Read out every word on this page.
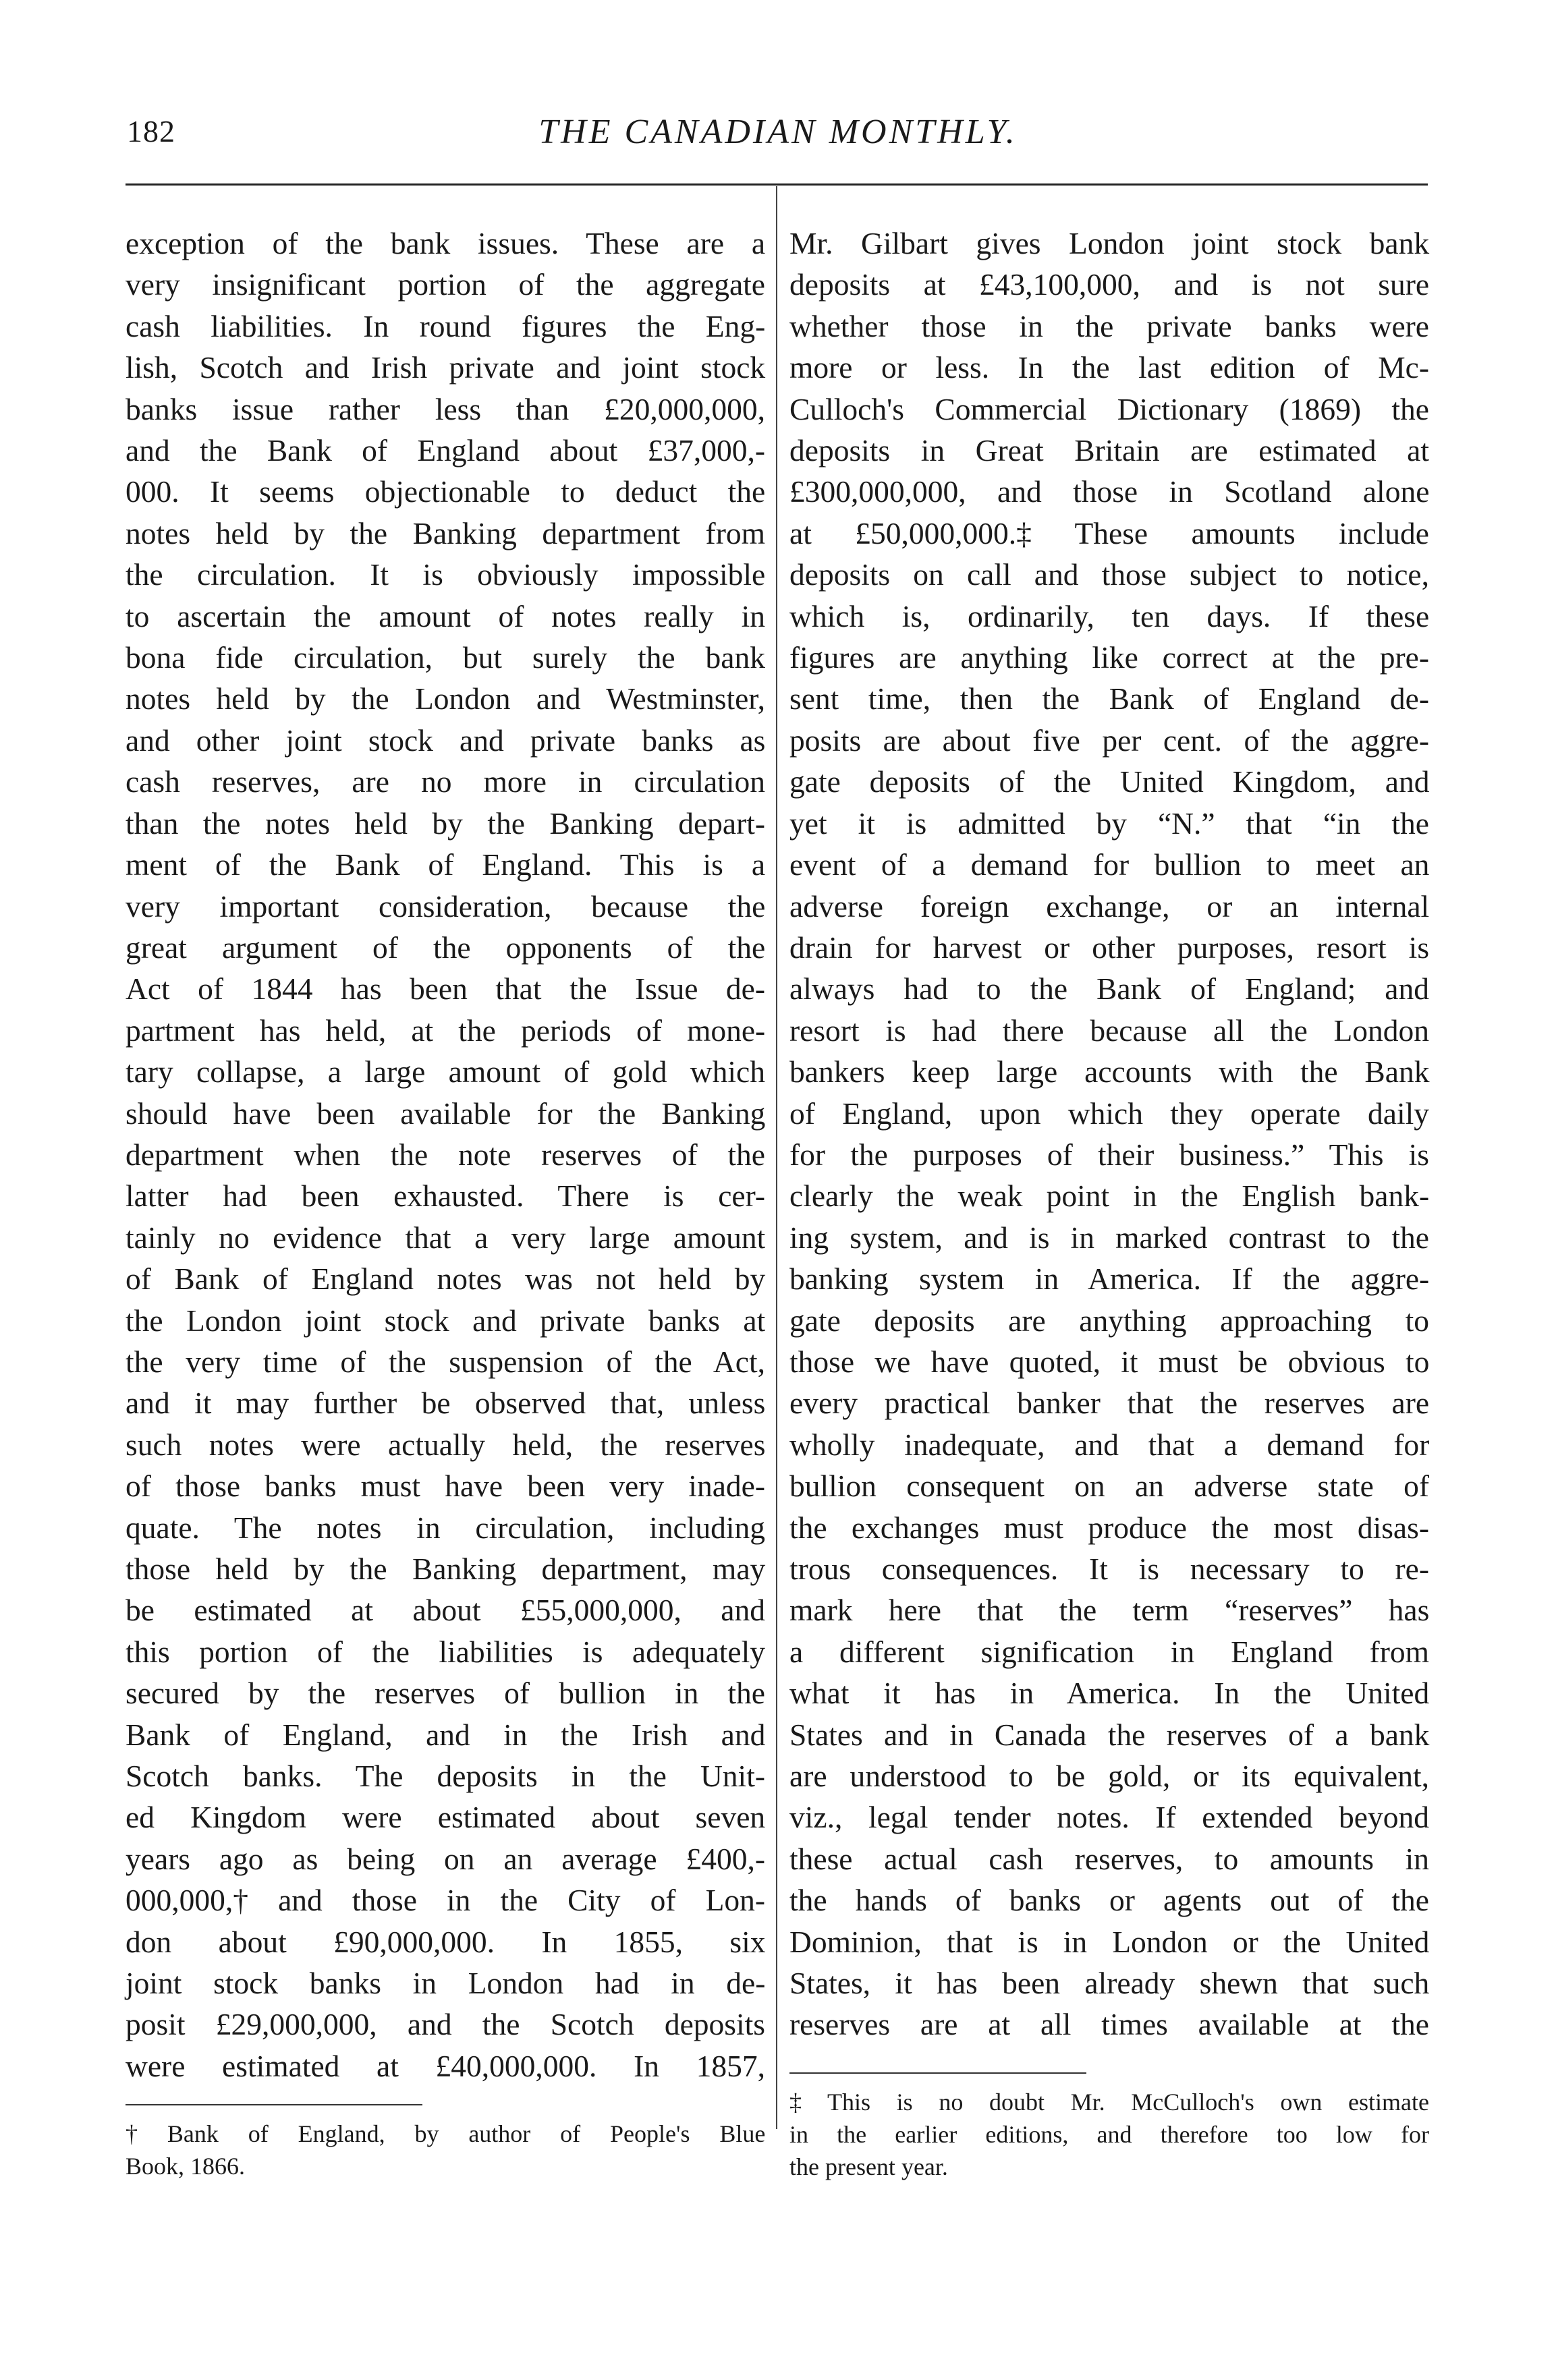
182	THE CANADIAN MONTHLY.
exception of the bank issues. These are a
very insignificant portion of the aggregate
cash liabilities. In round figures the Eng-
lish, Scotch and Irish private and joint stock
banks issue rather less than £20,000,000,
and the Bank of England about £37,000,-
000. It seems objectionable to deduct the
notes held by the Banking department from
the circulation. It is obviously impossible
to ascertain the amount of notes really in
bona fide circulation, but surely the bank
notes held by the London and Westminster,
and other joint stock and private banks as
cash reserves, are no more in circulation
than the notes held by the Banking depart-
ment of the Bank of England. This is a
very important consideration, because the
great argument of the opponents of the
Act of 1844 has been that the Issue de-
partment has held, at the periods of mone-
tary collapse, a large amount of gold which
should have been available for the Banking
department when the note reserves of the
latter had been exhausted. There is cer-
tainly no evidence that a very large amount
of Bank of England notes was not held by
the London joint stock and private banks at
the very time of the suspension of the Act,
and it may further be observed that, unless
such notes were actually held, the reserves
of those banks must have been very inade-
quate. The notes in circulation, including
those held by the Banking department, may
be estimated at about £55,000,000, and
this portion of the liabilities is adequately
secured by the reserves of bullion in the
Bank of England, and in the Irish and
Scotch banks. The deposits in the Unit-
ed Kingdom were estimated about seven
years ago as being on an average £400,-
000,000,† and those in the City of Lon-
don about £90,000,000. In 1855, six
joint stock banks in London had in de-
posit £29,000,000, and the Scotch deposits
were estimated at £40,000,000. In 1857,
† Bank of England, by author of People's Blue
Book, 1866.
Mr. Gilbart gives London joint stock bank
deposits at £43,100,000, and is not sure
whether those in the private banks were
more or less. In the last edition of Mc-
Culloch's Commercial Dictionary (1869) the
deposits in Great Britain are estimated at
£300,000,000, and those in Scotland alone
at £50,000,000.‡ These amounts include
deposits on call and those subject to notice,
which is, ordinarily, ten days. If these
figures are anything like correct at the pre-
sent time, then the Bank of England de-
posits are about five per cent. of the aggre-
gate deposits of the United Kingdom, and
yet it is admitted by “N.” that “in the
event of a demand for bullion to meet an
adverse foreign exchange, or an internal
drain for harvest or other purposes, resort is
always had to the Bank of England; and
resort is had there because all the London
bankers keep large accounts with the Bank
of England, upon which they operate daily
for the purposes of their business.” This is
clearly the weak point in the English bank-
ing system, and is in marked contrast to the
banking system in America. If the aggre-
gate deposits are anything approaching to
those we have quoted, it must be obvious to
every practical banker that the reserves are
wholly inadequate, and that a demand for
bullion consequent on an adverse state of
the exchanges must produce the most disas-
trous consequences. It is necessary to re-
mark here that the term “reserves” has
a different signification in England from
what it has in America. In the United
States and in Canada the reserves of a bank
are understood to be gold, or its equivalent,
viz., legal tender notes. If extended beyond
these actual cash reserves, to amounts in
the hands of banks or agents out of the
Dominion, that is in London or the United
States, it has been already shewn that such
reserves are at all times available at the
‡ This is no doubt Mr. McCulloch's own estimate
in the earlier editions, and therefore too low for
the present year.
